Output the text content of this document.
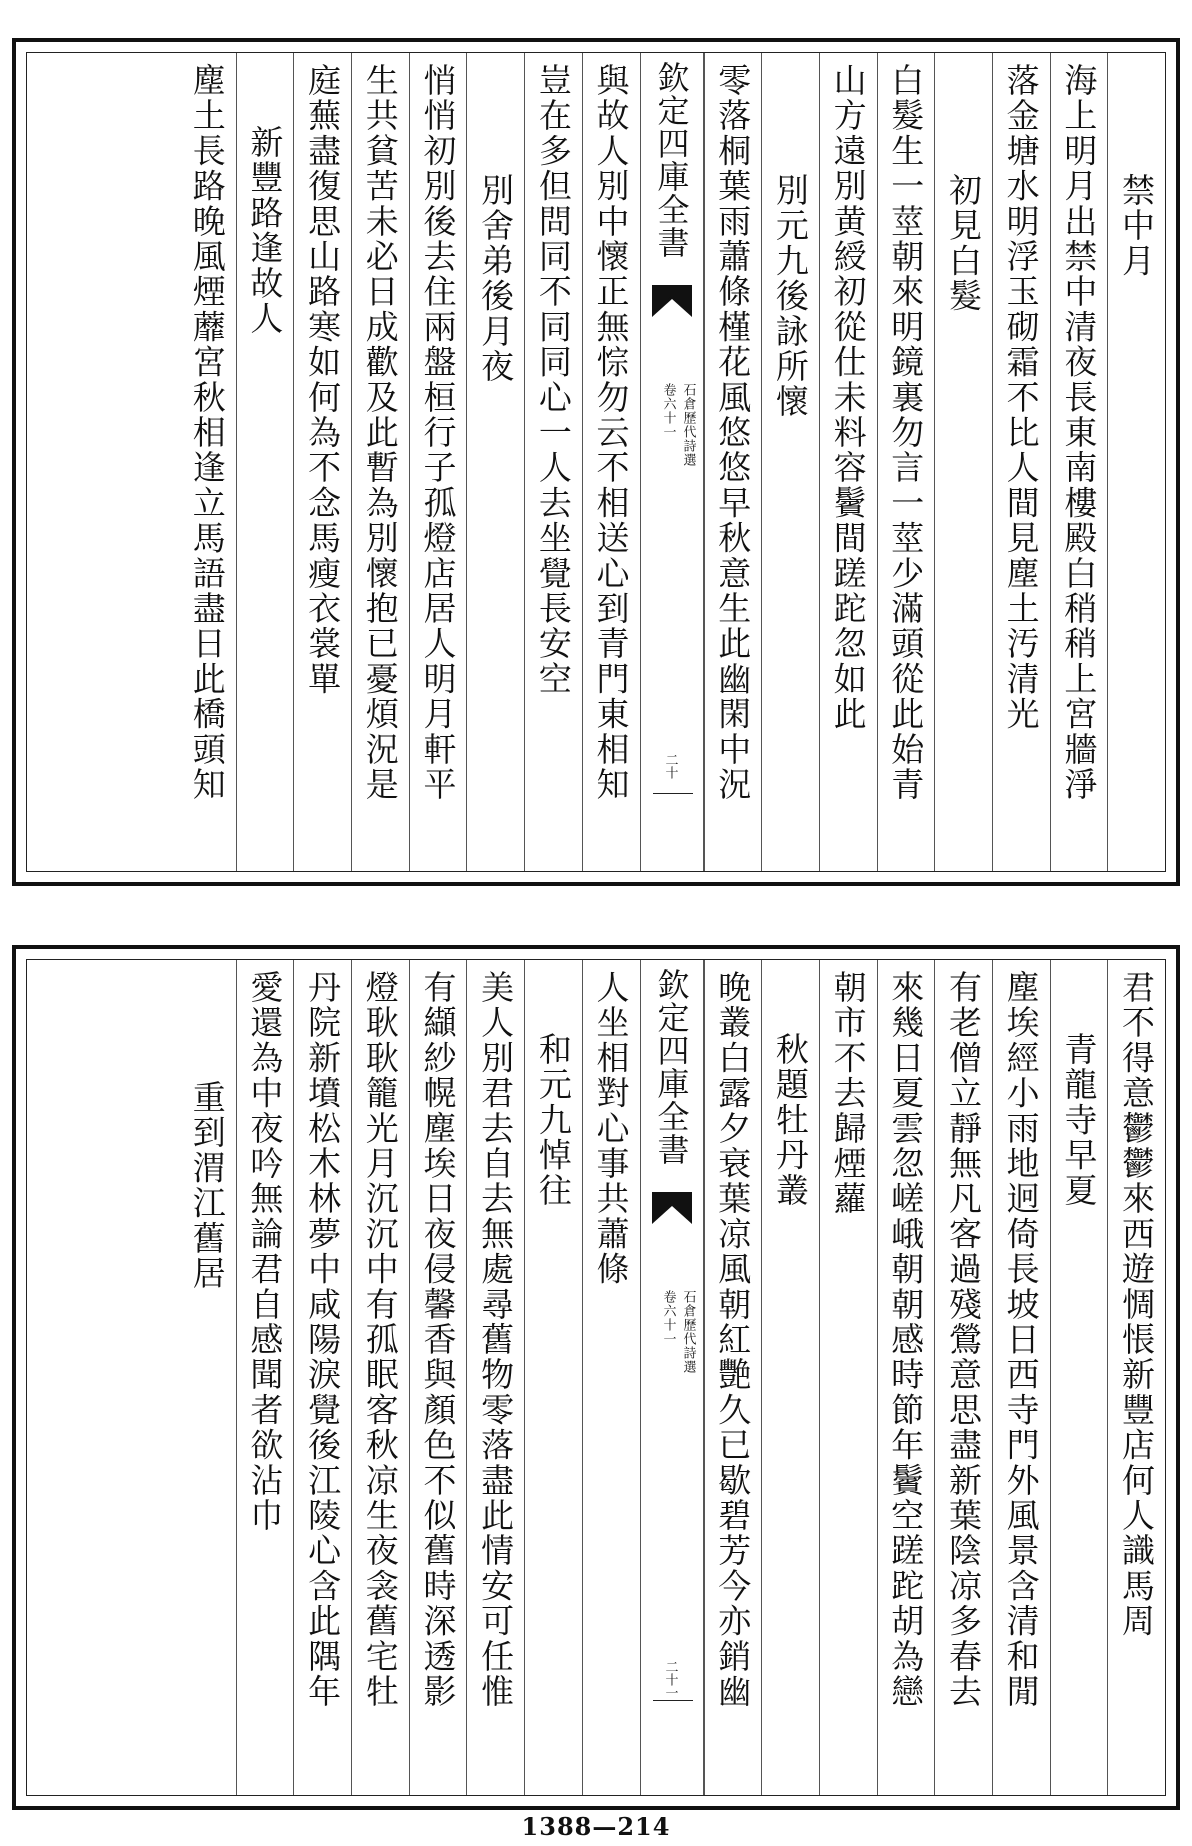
禁中月
海上明月出禁中清夜長東南樓殿白稍稍上宮牆淨
落金塘水明浮玉砌霜不比人間見塵土汚清光
初見白髮
白髮生一莖朝來明鏡裏勿言一莖少滿頭從此始青
山方遠別黄綬初從仕未料容鬢間蹉跎忽如此
別元九後詠所懷
零落桐葉雨蕭條槿花風悠悠早秋意生此幽閑中況
欽定四庫全書
石倉歷代詩選
卷六十一
二十
與故人別中懷正無悰勿云不相送心到青門東相知
豈在多但問同不同同心一人去坐覺長安空
別舍弟後月夜
悄悄初別後去住兩盤桓行子孤燈店居人明月軒平
生共貧苦未必日成歡及此暫為別懷抱已憂煩況是
庭蕪盡復思山路寒如何為不念馬瘦衣裳單
新豐路逢故人
塵土長路晚風煙蘼宮秋相逢立馬語盡日此橋頭知
君不得意鬱鬱來西遊惆悵新豐店何人識馬周
青龍寺早夏
塵埃經小雨地迥倚長坡日西寺門外風景含清和閒
有老僧立靜無凡客過殘鶯意思盡新葉陰凉多春去
來幾日夏雲忽嵯峨朝朝感時節年鬢空蹉跎胡為戀
朝市不去歸煙蘿
秋題牡丹叢
晚叢白露夕衰葉凉風朝紅艷久已歇碧芳今亦銷幽
欽定四庫全書
石倉歷代詩選
卷六十一
二十一
人坐相對心事共蕭條
和元九悼往
美人別君去自去無處尋舊物零落盡此情安可任惟
有纈紗幌塵埃日夜侵馨香與顏色不似舊時深透影
燈耿耿籠光月沉沉中有孤眠客秋凉生夜衾舊宅牡
丹院新墳松木林夢中咸陽淚覺後江陵心含此隅年
愛還為中夜吟無論君自感聞者欲沾巾
重到渭江舊居
1388—214
